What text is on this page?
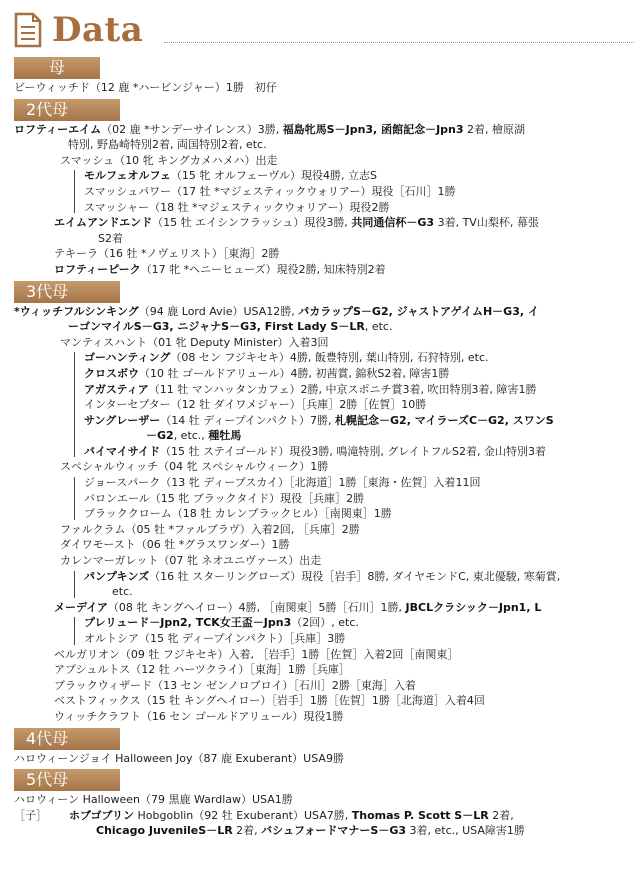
Data
母
ビーウィッチド（12 鹿 *ハービンジャー）1勝　初仔
2代母
ロフティーエイム（02 鹿 *サンデーサイレンス）3勝, 福島牝馬S－Jpn3, 函館記念－Jpn3 2着, 檜原湖
特別, 野島崎特別2着, 両国特別2着, etc.
スマッシュ（10 牝 キングカメハメハ）出走
モルフェオルフェ（15 牝 オルフェーヴル）現役4勝, 立志S
スマッシュパワー（17 牡 *マジェスティックウォリアー）現役［石川］1勝
スマッシャー（18 牡 *マジェスティックウォリアー）現役2勝
エイムアンドエンド（15 牡 エイシンフラッシュ）現役3勝, 共同通信杯－G3 3着, TV山梨杯, 幕張
S2着
テキーラ（16 牡 *ノヴェリスト）［東海］2勝
ロフティーピーク（17 牝 *ヘニーヒューズ）現役2勝, 知床特別2着
3代母
*ウィッチフルシンキング（94 鹿 Lord Avie）USA12勝, パカラップS－G2, ジャストアゲイムH－G3, イ
ーゴンマイルS－G3, ニジャナS－G3, First Lady S－LR, etc.
マンティスハント（01 牝 Deputy Minister）入着3回
ゴーハンティング（08 セン フジキセキ）4勝, 飯豊特別, 葉山特別, 石狩特別, etc.
クロスボウ（10 牡 ゴールドアリュール）4勝, 初茜賞, 錦秋S2着, 障害1勝
アガスティア（11 牡 マンハッタンカフェ）2勝, 中京スポニチ賞3着, 吹田特別3着, 障害1勝
インターセプター（12 牡 ダイワメジャー）［兵庫］2勝［佐賀］10勝
サングレーザー（14 牡 ディープインパクト）7勝, 札幌記念－G2, マイラーズC－G2, スワンS
－G2, etc., 種牡馬
バイマイサイド（15 牡 ステイゴールド）現役3勝, 鳴滝特別, グレイトフルS2着, 金山特別3着
スペシャルウィッチ（04 牝 スペシャルウィーク）1勝
ジョースパーク（13 牝 ディープスカイ）［北海道］1勝［東海・佐賀］入着11回
バロンエール（15 牝 ブラックタイド）現役［兵庫］2勝
ブラッククローム（18 牡 カレンブラックヒル）［南関東］1勝
ファルクラム（05 牡 *ファルブラヴ）入着2回, ［兵庫］2勝
ダイワモースト（06 牡 *グラスワンダー）1勝
カレンマーガレット（07 牝 ネオユニヴァース）出走
パンプキンズ（16 牡 スターリングローズ）現役［岩手］8勝, ダイヤモンドC, 東北優駿, 寒菊賞,
etc.
メーデイア（08 牝 キングヘイロー）4勝, ［南関東］5勝［石川］1勝, JBCLクラシック－Jpn1, L
プレリュード－Jpn2, TCK女王盃－Jpn3（2回）, etc.
オルトシア（15 牝 ディープインパクト）［兵庫］3勝
ベルガリオン（09 牡 フジキセキ）入着, ［岩手］1勝［佐賀］入着2回［南関東］
アプシュルトス（12 牡 ハーツクライ）［東海］1勝［兵庫］
ブラックウィザード（13 セン ゼンノロブロイ）［石川］2勝［東海］入着
ベストフィックス（15 牡 キングヘイロー）［岩手］1勝［佐賀］1勝［北海道］入着4回
ウィッチクラフト（16 セン ゴールドアリュール）現役1勝
4代母
ハロウィーンジョイ Halloween Joy（87 鹿 Exuberant）USA9勝
5代母
ハロウィーン Halloween（79 黒鹿 Wardlaw）USA1勝
［子］ ホブゴブリン Hobgoblin（92 牡 Exuberant）USA7勝, Thomas P. Scott S－LR 2着,
Chicago JuvenileS－LR 2着, バシュフォードマナーS－G3 3着, etc., USA障害1勝
